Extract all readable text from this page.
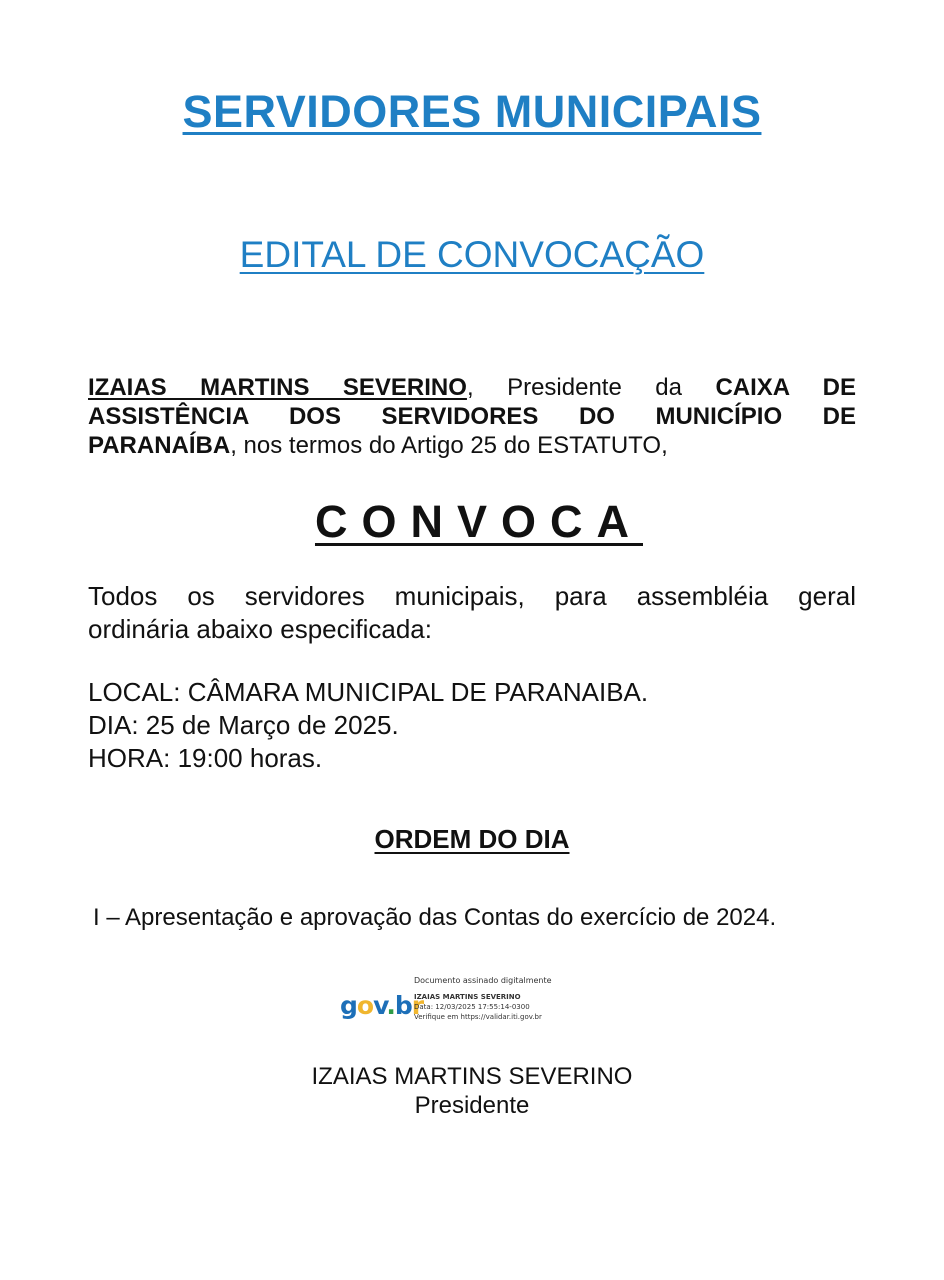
SERVIDORES MUNICIPAIS
EDITAL DE CONVOCAÇÃO
IZAIAS MARTINS SEVERINO, Presidente da CAIXA DE
ASSISTÊNCIA DOS SERVIDORES DO MUNICÍPIO DE
PARANAÍBA, nos termos do Artigo 25 do ESTATUTO,
CONVOCA
Todos os servidores municipais, para assembléia geral
ordinária abaixo especificada:
LOCAL: CÂMARA MUNICIPAL DE PARANAIBA.
DIA: 25 de Março de 2025.
HORA: 19:00 horas.
ORDEM DO DIA
I – Apresentação e aprovação das Contas do exercício de 2024.
gov.br
Documento assinado digitalmente
IZAIAS MARTINS SEVERINO
Data: 12/03/2025 17:55:14-0300
Verifique em https://validar.iti.gov.br
IZAIAS MARTINS SEVERINO
Presidente
